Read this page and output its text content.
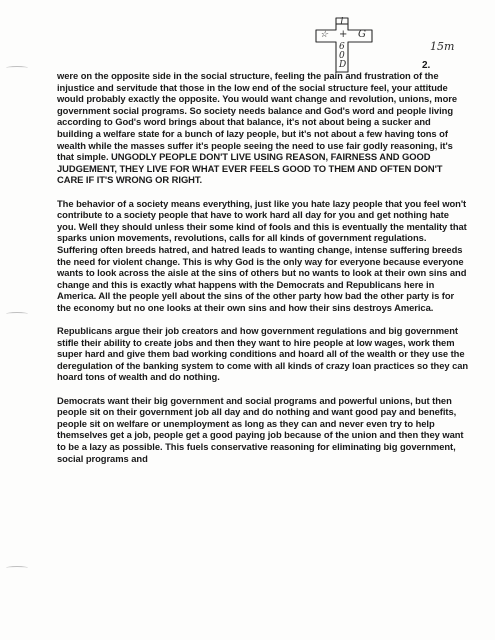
1
+
☆	G
6
0
D
15m
2.

were on the opposite side in the social structure, feeling the pain and frustration of the injustice and servitude that those in the low end of the social structure feel, your attitude would probably exactly the opposite. You would want change and revolution, unions, more government social programs. So society needs balance and God's word and people living according to God's word brings about that balance, it's not about being a sucker and building a welfare state for a bunch of lazy people, but it's not about a few having tons of wealth while the masses suffer it's people seeing the need to use fair godly reasoning, it's that simple. UNGODLY PEOPLE DON'T LIVE USING REASON, FAIRNESS AND GOOD JUDGEMENT, THEY LIVE FOR WHAT EVER FEELS GOOD TO THEM AND OFTEN DON'T CARE IF IT'S WRONG OR RIGHT.

The behavior of a society means everything, just like you hate lazy people that you feel won't contribute to a society people that have to work hard all day for you and get nothing hate you. Well they should unless their some kind of fools and this is eventually the mentality that sparks union movements, revolutions, calls for all kinds of government regulations. Suffering often breeds hatred, and hatred leads to wanting change, intense suffering breeds the need for violent change. This is why God is the only way for everyone because everyone wants to look across the aisle at the sins of others but no wants to look at their own sins and change and this is exactly what happens with the Democrats and Republicans here in America. All the people yell about the sins of the other party how bad the other party is for the economy but no one looks at their own sins and how their sins destroys America.

Republicans argue their job creators and how government regulations and big government stifle their ability to create jobs and then they want to hire people at low wages, work them super hard and give them bad working conditions and hoard all of the wealth or they use the deregulation of the banking system to come with all kinds of crazy loan practices so they can hoard tons of wealth and do nothing.

Democrats want their big government and social programs and powerful unions, but then people sit on their government job all day and do nothing and want good pay and benefits, people sit on welfare or unemployment as long as they can and never even try to help themselves get a job, people get a good paying job because of the union and then they want to be a lazy as possible. This fuels conservative reasoning for eliminating big government, social programs and
